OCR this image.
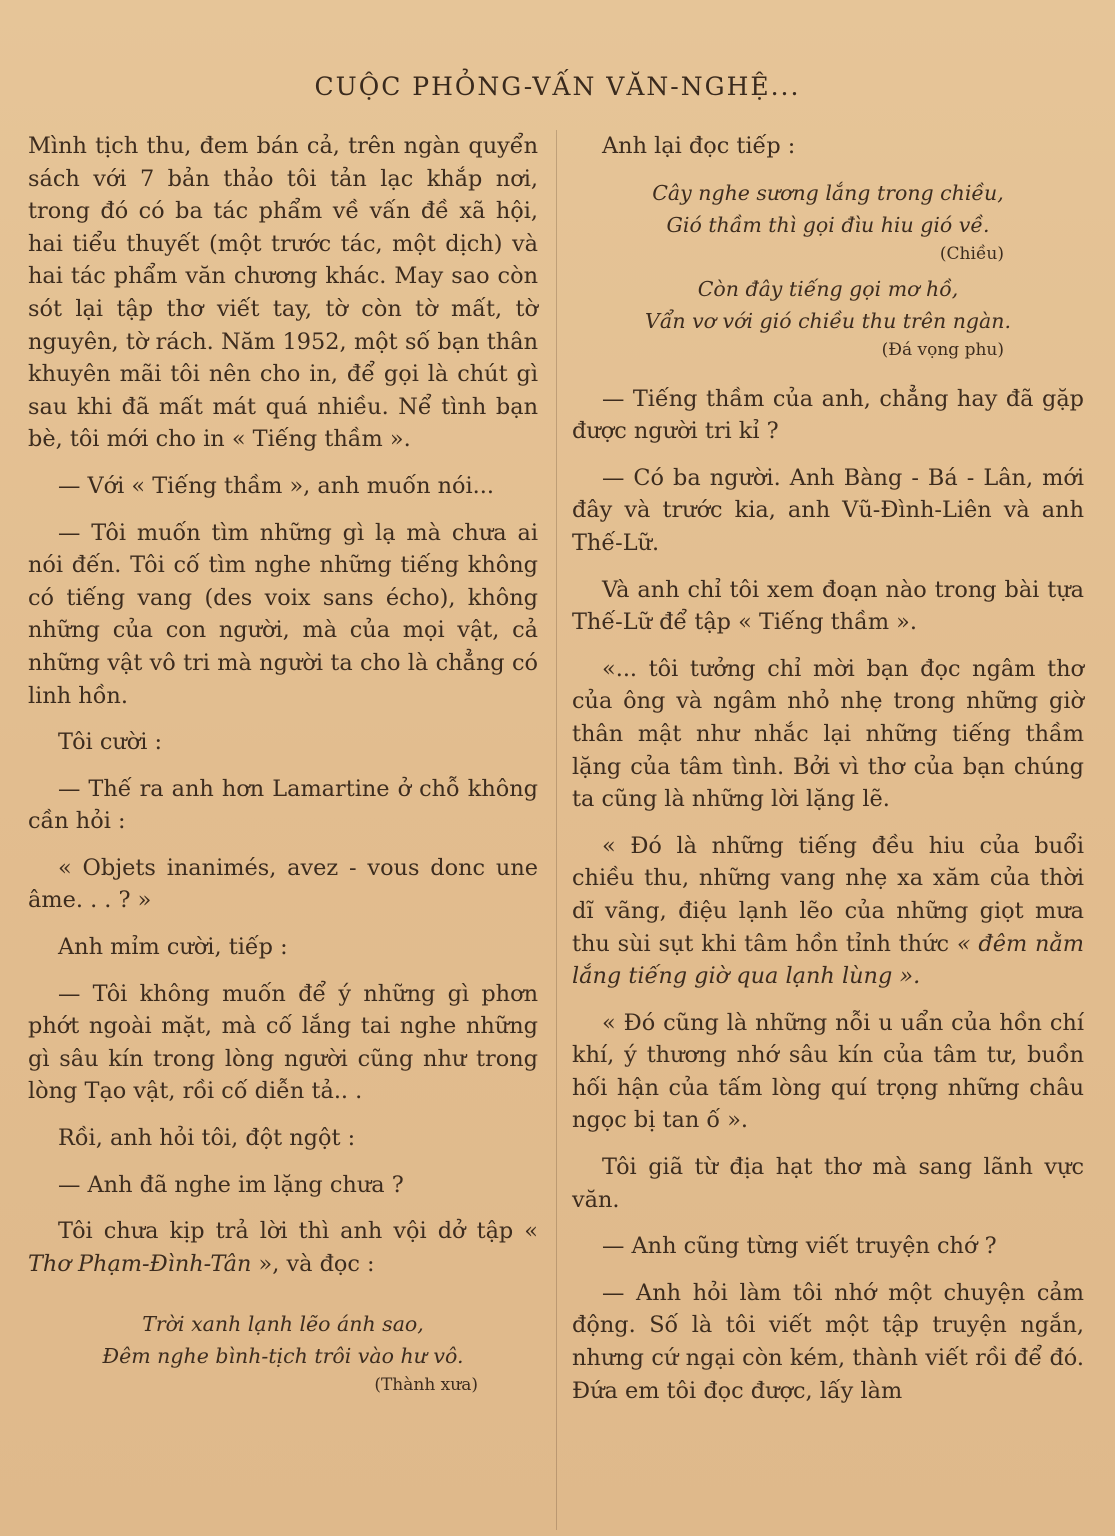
CUỘC PHỎNG-VẤN VĂN-NGHỆ...

Mình tịch thu, đem bán cả, trên ngàn quyển sách với 7 bản thảo tôi tản lạc khắp nơi, trong đó có ba tác phẩm về vấn đề xã hội, hai tiểu thuyết (một trước tác, một dịch) và hai tác phẩm văn chương khác. May sao còn sót lại tập thơ viết tay, tờ còn tờ mất, tờ nguyên, tờ rách. Năm 1952, một số bạn thân khuyên mãi tôi nên cho in, để gọi là chút gì sau khi đã mất mát quá nhiều. Nể tình bạn bè, tôi mới cho in « Tiếng thầm ».

— Với « Tiếng thầm », anh muốn nói...

— Tôi muốn tìm những gì lạ mà chưa ai nói đến. Tôi cố tìm nghe những tiếng không có tiếng vang (des voix sans écho), không những của con người, mà của mọi vật, cả những vật vô tri mà người ta cho là chẳng có linh hồn.

Tôi cười :

— Thế ra anh hơn Lamartine ở chỗ không cần hỏi :

« Objets inanimés, avez - vous donc une âme. . . ? »

Anh mỉm cười, tiếp :

— Tôi không muốn để ý những gì phơn phớt ngoài mặt, mà cố lắng tai nghe những gì sâu kín trong lòng người cũng như trong lòng Tạo vật, rồi cố diễn tả.. .

Rồi, anh hỏi tôi, đột ngột :

— Anh đã nghe im lặng chưa ?

Tôi chưa kịp trả lời thì anh vội dở tập « Thơ Phạm-Đình-Tân », và đọc :

Trời xanh lạnh lẽo ánh sao,

Đêm nghe bình-tịch trôi vào hư vô.

(Thành xưa)

Anh lại đọc tiếp :

Cây nghe sương lắng trong chiều,

Gió thầm thì gọi đìu hiu gió về.

(Chiều)

Còn đây tiếng gọi mơ hồ,

Vẩn vơ với gió chiều thu trên ngàn.

(Đá vọng phu)

— Tiếng thầm của anh, chẳng hay đã gặp được người tri kỉ ?

— Có ba người. Anh Bàng - Bá - Lân, mới đây và trước kia, anh Vũ-Đình-Liên và anh Thế-Lữ.

Và anh chỉ tôi xem đoạn nào trong bài tựa Thế-Lữ để tập « Tiếng thầm ».

«... tôi tưởng chỉ mời bạn đọc ngâm thơ của ông và ngâm nhỏ nhẹ trong những giờ thân mật như nhắc lại những tiếng thầm lặng của tâm tình. Bởi vì thơ của bạn chúng ta cũng là những lời lặng lẽ.

« Đó là những tiếng đều hiu của buổi chiều thu, những vang nhẹ xa xăm của thời dĩ vãng, điệu lạnh lẽo của những giọt mưa thu sùi sụt khi tâm hồn tỉnh thức « đêm nằm lắng tiếng giờ qua lạnh lùng ».

« Đó cũng là những nỗi u uẩn của hồn chí khí, ý thương nhớ sâu kín của tâm tư, buồn hối hận của tấm lòng quí trọng những châu ngọc bị tan ố ».

Tôi giã từ địa hạt thơ mà sang lãnh vực văn.

— Anh cũng từng viết truyện chớ ?

— Anh hỏi làm tôi nhớ một chuyện cảm động. Số là tôi viết một tập truyện ngắn, nhưng cứ ngại còn kém, thành viết rồi để đó. Đứa em tôi đọc được, lấy làm
